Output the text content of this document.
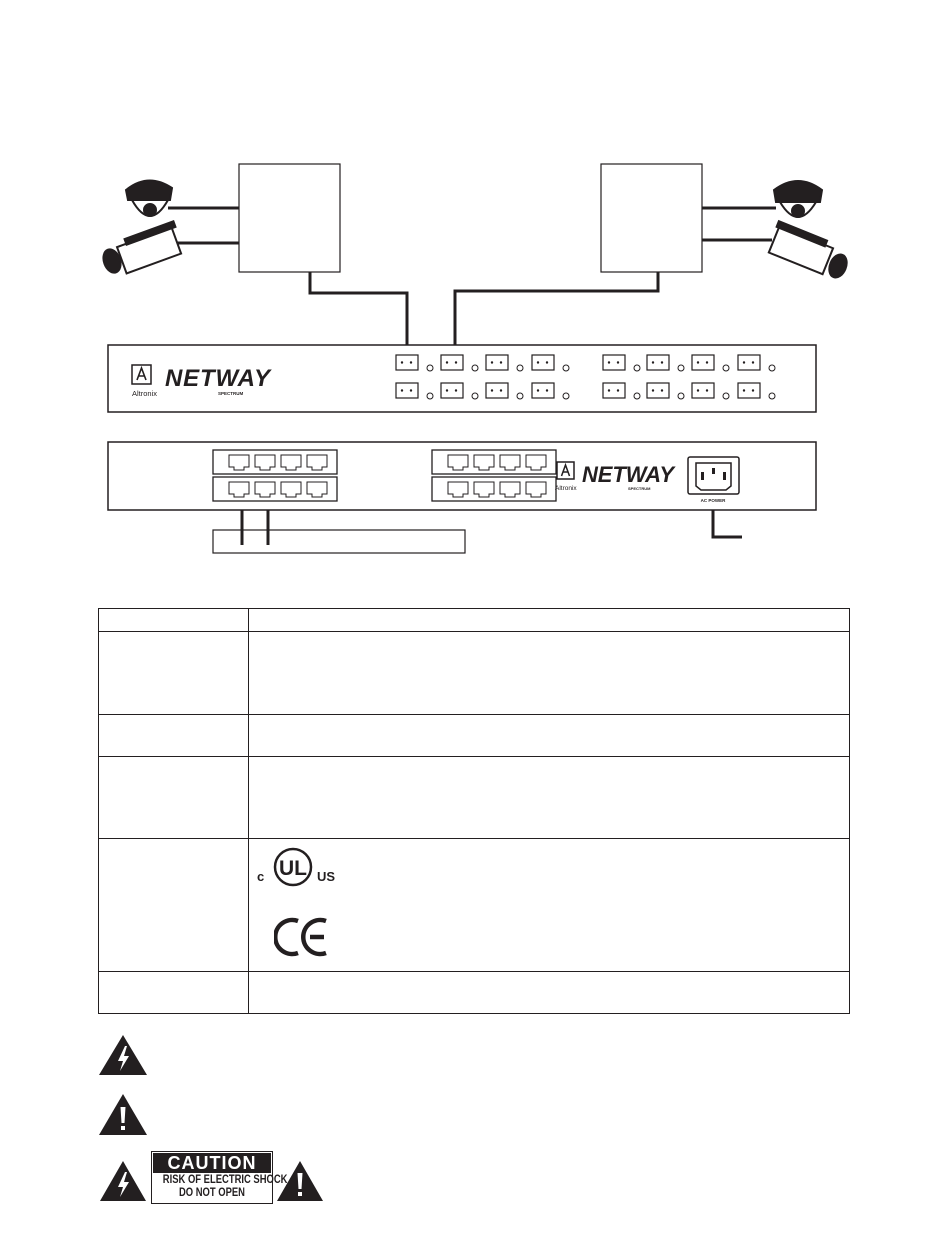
Altronix
NETWAY
SPECTRUM
Altronix
NETWAY
SPECTRUM
AC POWER

	c UL US

CAUTION
RISK OF ELECTRIC SHOCK
DO NOT OPEN
